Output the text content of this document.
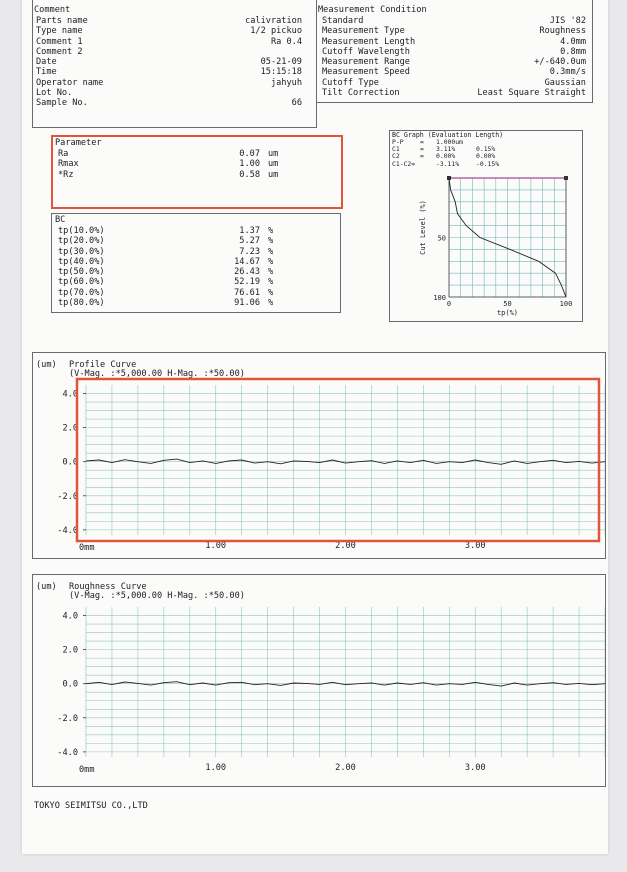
Comment
Parts name	calivration
Type name	1/2 pickuo
Comment 1	Ra 0.4
Comment 2
Date	05-21-09
Time	15:15:18
Operator name	jahyuh
Lot No.
Sample No.	66
Measurement Condition
Standard	JIS '82
Measurement Type	Roughness
Measurement Length	4.0mm
Cutoff Wavelength	0.8mm
Measurement Range	+/-640.0um
Measurement Speed	0.3mm/s
Cutoff Type	Gaussian
Tilt Correction	Least Square Straight
Parameter
Ra	0.07 um
Rmax	1.00 um
*Rz	0.58 um
BC
tp(10.0%)	1.37 %
tp(20.0%)	5.27 %
tp(30.0%)	7.23 %
tp(40.0%)	14.67 %
tp(50.0%)	26.43 %
tp(60.0%)	52.19 %
tp(70.0%)	76.61 %
tp(80.0%)	91.06 %
BC Graph (Evaluation Length)
P-P	= 1.000um
C1	= 3.11%	0.15%
C2	= 0.00%	0.00%
C1-C2=	-3.11%	-0.15%
50
100
0	50	100
tp(%)
Cut Level (%)
(um) Profile Curve
(V-Mag. :*5,000.00 H-Mag. :*50.00)
4.0
2.0
0.0
-2.0
-4.0
0mm	1.00	2.00	3.00
(um) Roughness Curve
(V-Mag. :*5,000.00 H-Mag. :*50.00)
4.0
2.0
0.0
-2.0
-4.0
0mm	1.00	2.00	3.00
TOKYO SEIMITSU CO.,LTD
